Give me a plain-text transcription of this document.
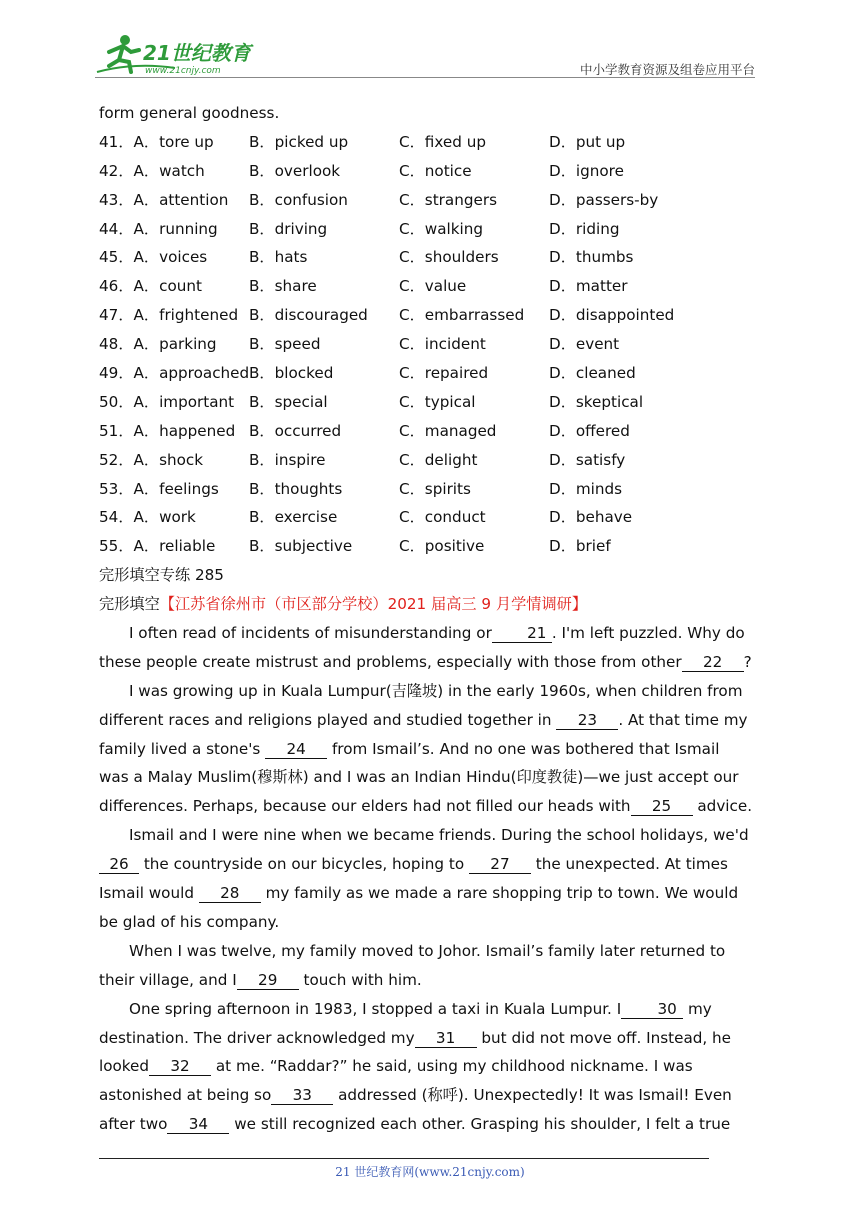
21世纪教育
www.21cnjy.com	中小学教育资源及组卷应用平台
form general goodness.
41．A．tore up	B．picked up	C．fixed up	D．put up
42．A．watch	B．overlook	C．notice	D．ignore
43．A．attention	B．confusion	C．strangers	D．passers-by
44．A．running	B．driving	C．walking	D．riding
45．A．voices	B．hats	C．shoulders	D．thumbs
46．A．count	B．share	C．value	D．matter
47．A．frightened B．discouraged	C．embarrassed	D．disappointed
48．A．parking	B．speed	C．incident	D．event
49．A．approached B．blocked	C．repaired	D．cleaned
50．A．important B．special	C．typical	D．skeptical
51．A．happened B．occurred	C．managed	D．offered
52．A．shock	B．inspire	C．delight	D．satisfy
53．A．feelings	B．thoughts	C．spirits	D．minds
54．A．work	B．exercise	C．conduct	D．behave
55．A．reliable	B．subjective	C．positive	D．brief
完形填空专练 285
完形填空【江苏省徐州市（市区部分学校）2021 届高三 9 月学情调研】
I often read of incidents of misunderstanding or 21 . I'm left puzzled. Why do
these people create mistrust and problems, especially with those from other 22 ?
I was growing up in Kuala Lumpur(吉隆坡) in the early 1960s, when children from
different races and religions played and studied together in 23 . At that time my
family lived a stone's 24 from Ismail’s. And no one was bothered that Ismail
was a Malay Muslim(穆斯林) and I was an Indian Hindu(印度教徒)—we just accept our
differences. Perhaps, because our elders had not filled our heads with 25 advice.
Ismail and I were nine when we became friends. During the school holidays, we'd
26 the countryside on our bicycles, hoping to 27 the unexpected. At times
Ismail would 28 my family as we made a rare shopping trip to town. We would
be glad of his company.
When I was twelve, my family moved to Johor. Ismail’s family later returned to
their village, and I 29 touch with him.
One spring afternoon in 1983, I stopped a taxi in Kuala Lumpur. I 30 my
destination. The driver acknowledged my 31 but did not move off. Instead, he
looked 32 at me. “Raddar?” he said, using my childhood nickname. I was
astonished at being so 33 addressed (称呼). Unexpectedly! It was Ismail! Even
after two 34 we still recognized each other. Grasping his shoulder, I felt a true
21 世纪教育网(www.21cnjy.com)
